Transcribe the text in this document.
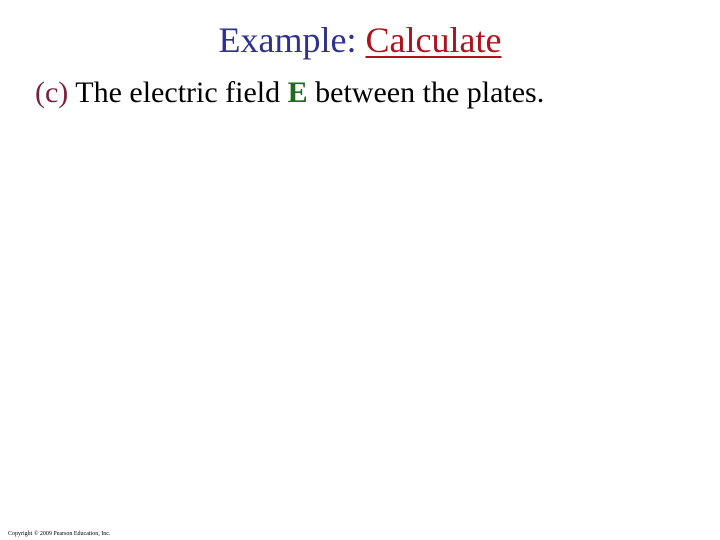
Example: Calculate
(c) The electric field E between the plates.
Copyright © 2009 Pearson Education, Inc.
